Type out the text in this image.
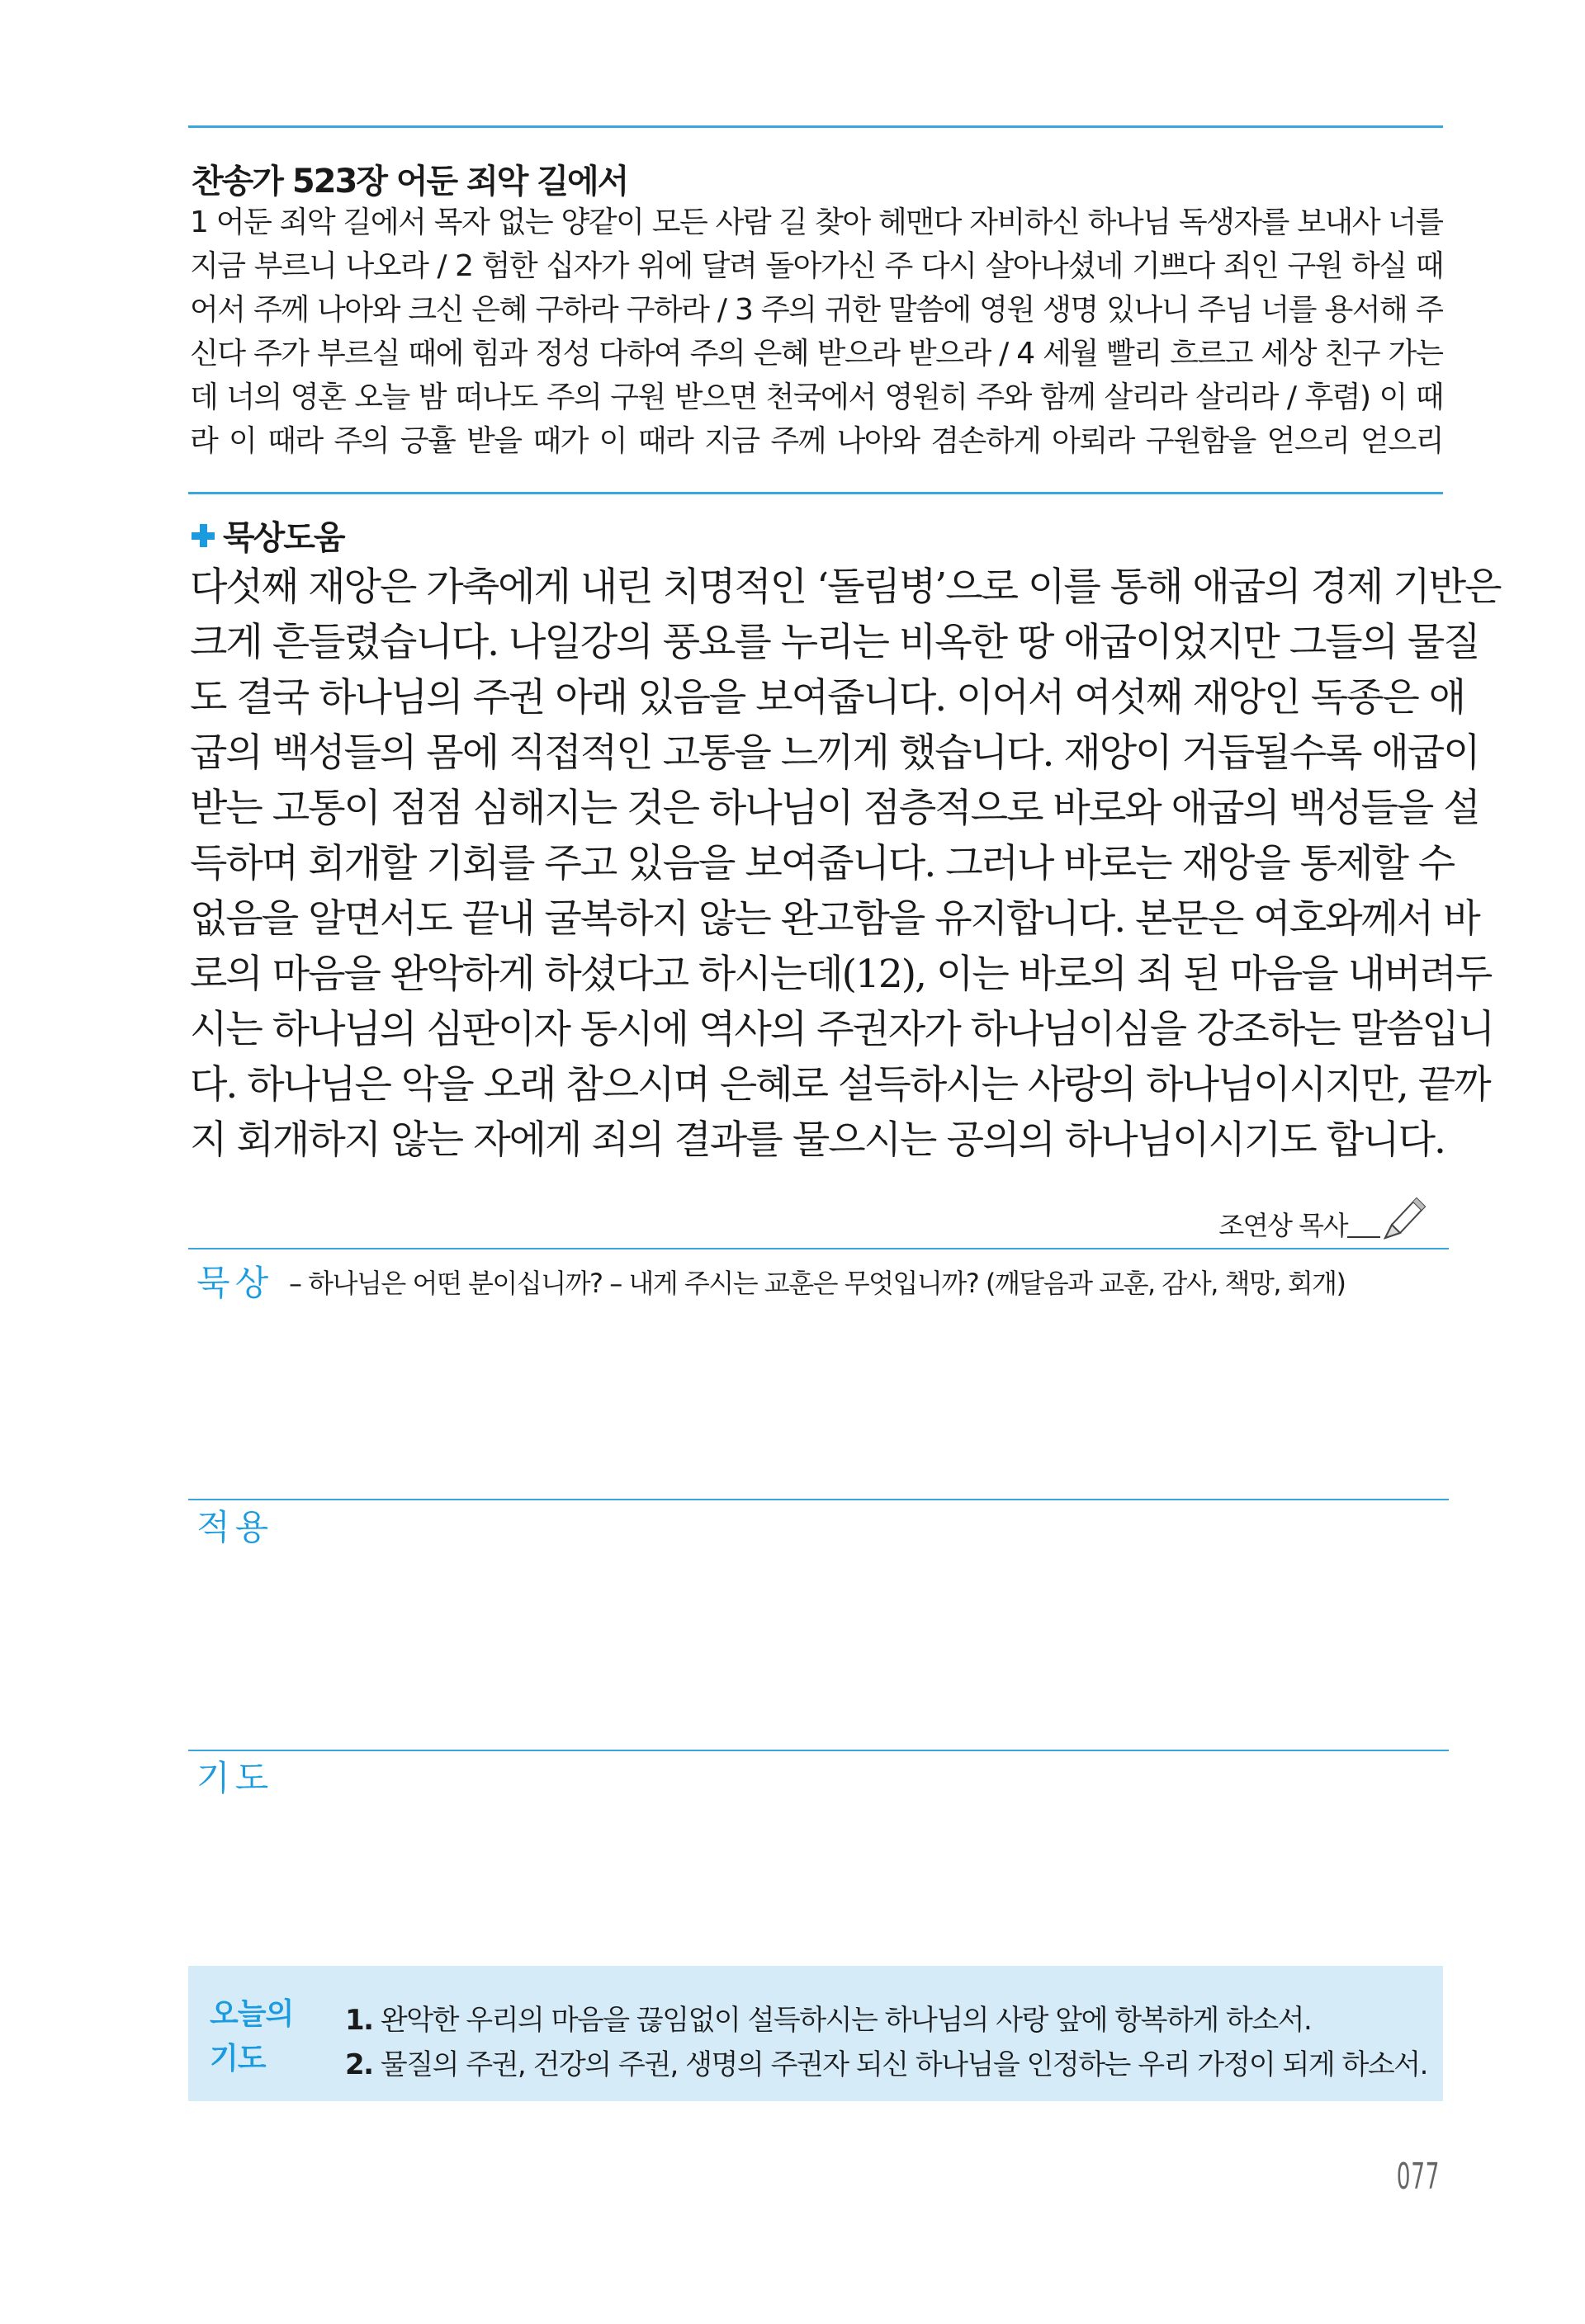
찬송가 523장 어둔 죄악 길에서
1 어둔 죄악 길에서 목자 없는 양같이 모든 사람 길 찾아 헤맨다 자비하신 하나님 독생자를 보내사 너를
지금 부르니 나오라 / 2 험한 십자가 위에 달려 돌아가신 주 다시 살아나셨네 기쁘다 죄인 구원 하실 때
어서 주께 나아와 크신 은혜 구하라 구하라 / 3 주의 귀한 말씀에 영원 생명 있나니 주님 너를 용서해 주
신다 주가 부르실 때에 힘과 정성 다하여 주의 은혜 받으라 받으라 / 4 세월 빨리 흐르고 세상 친구 가는
데 너의 영혼 오늘 밤 떠나도 주의 구원 받으면 천국에서 영원히 주와 함께 살리라 살리라 / 후렴) 이 때
라 이 때라 주의 긍휼 받을 때가 이 때라 지금 주께 나아와 겸손하게 아뢰라 구원함을 얻으리 얻으리
묵상도움
다섯째 재앙은 가축에게 내린 치명적인 ‘돌림병’으로 이를 통해 애굽의 경제 기반은
크게 흔들렸습니다. 나일강의 풍요를 누리는 비옥한 땅 애굽이었지만 그들의 물질
도 결국 하나님의 주권 아래 있음을 보여줍니다. 이어서 여섯째 재앙인 독종은 애
굽의 백성들의 몸에 직접적인 고통을 느끼게 했습니다. 재앙이 거듭될수록 애굽이
받는 고통이 점점 심해지는 것은 하나님이 점층적으로 바로와 애굽의 백성들을 설
득하며 회개할 기회를 주고 있음을 보여줍니다. 그러나 바로는 재앙을 통제할 수
없음을 알면서도 끝내 굴복하지 않는 완고함을 유지합니다. 본문은 여호와께서 바
로의 마음을 완악하게 하셨다고 하시는데(12), 이는 바로의 죄 된 마음을 내버려두
시는 하나님의 심판이자 동시에 역사의 주권자가 하나님이심을 강조하는 말씀입니
다. 하나님은 악을 오래 참으시며 은혜로 설득하시는 사랑의 하나님이시지만, 끝까
지 회개하지 않는 자에게 죄의 결과를 물으시는 공의의 하나님이시기도 합니다.
조연상 목사
묵상 – 하나님은 어떤 분이십니까? – 내게 주시는 교훈은 무엇입니까? (깨달음과 교훈, 감사, 책망, 회개)
적용
기도
오늘의 기도
1. 완악한 우리의 마음을 끊임없이 설득하시는 하나님의 사랑 앞에 항복하게 하소서.
2. 물질의 주권, 건강의 주권, 생명의 주권자 되신 하나님을 인정하는 우리 가정이 되게 하소서.
077
